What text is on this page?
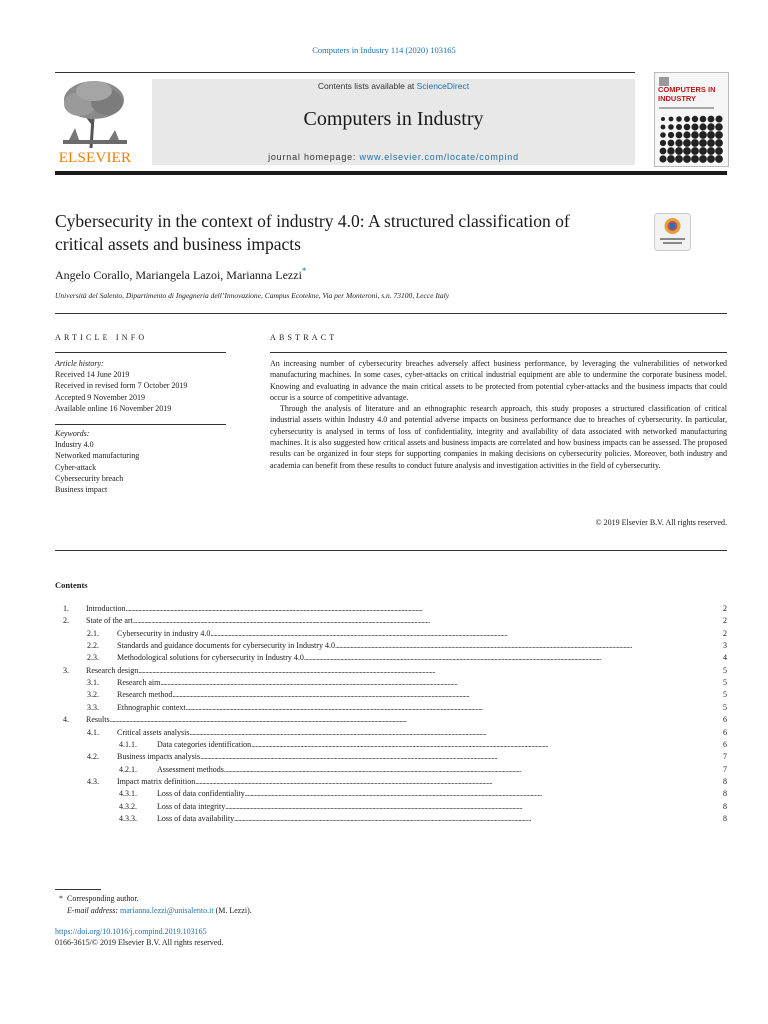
Computers in Industry 114 (2020) 103165
ELSEVIER
Contents lists available at ScienceDirect
Computers in Industry
journal homepage: www.elsevier.com/locate/compind
COMPUTERS IN INDUSTRY
Cybersecurity in the context of industry 4.0: A structured classification of critical assets and business impacts
Angelo Corallo, Mariangela Lazoi, Marianna Lezzi*
Università del Salento, Dipartimento di Ingegneria dell’Innovazione, Campus Ecotekne, Via per Monteroni, s.n. 73100, Lecce Italy
ARTICLE INFO
Article history:
Received 14 June 2019
Received in revised form 7 October 2019
Accepted 9 November 2019
Available online 16 November 2019
Keywords:
Industry 4.0
Networked manufacturing
Cyber-attack
Cybersecurity breach
Business impact
ABSTRACT

An increasing number of cybersecurity breaches adversely affect business performance, by leveraging the vulnerabilities of networked manufacturing machines. In some cases, cyber-attacks on critical industrial equipment are able to undermine the corporate business model. Knowing and evaluating in advance the main critical assets to be protected from potential cyber-attacks and the business impacts that could occur is a source of competitive advantage.

Through the analysis of literature and an ethnographic research approach, this study proposes a structured classification of critical industrial assets within Industry 4.0 and potential adverse impacts on business performance due to breaches of cybersecurity. In particular, cybersecurity is analysed in terms of loss of confidentiality, integrity and availability of data associated with networked manufacturing machines. It is also suggested how critical assets and business impacts are correlated and how business impacts can be assessed. The proposed results can be organized in four steps for supporting companies in making decisions on cybersecurity policies. Moreover, both industry and academia can benefit from these results to conduct future analysis and investigation activities in the field of cybersecurity.

© 2019 Elsevier B.V. All rights reserved.
Contents
1.	Introduction . . .	2
2.	State of the art . . .	2
2.1.	Cybersecurity in industry 4.0 . . .	2
2.2.	Standards and guidance documents for cybersecurity in Industry 4.0 . . .	3
2.3.	Methodological solutions for cybersecurity in Industry 4.0 . . .	4
3.	Research design . . .	5
3.1.	Research aim . . .	5
3.2.	Research method . . .	5
3.3.	Ethnographic context . . .	5
4.	Results . . .	6
4.1.	Critical assets analysis . . .	6
4.1.1.	Data categories identification . . .	6
4.2.	Business impacts analysis . . .	7
4.2.1.	Assessment methods . . .	7
4.3.	Impact matrix definition . . .	8
4.3.1.	Loss of data confidentiality . . .	8
4.3.2.	Loss of data integrity . . .	8
4.3.3.	Loss of data availability . . .	8
* Corresponding author.
E-mail address: marianna.lezzi@unisalento.it (M. Lezzi).
https://doi.org/10.1016/j.compind.2019.103165
0166-3615/© 2019 Elsevier B.V. All rights reserved.
